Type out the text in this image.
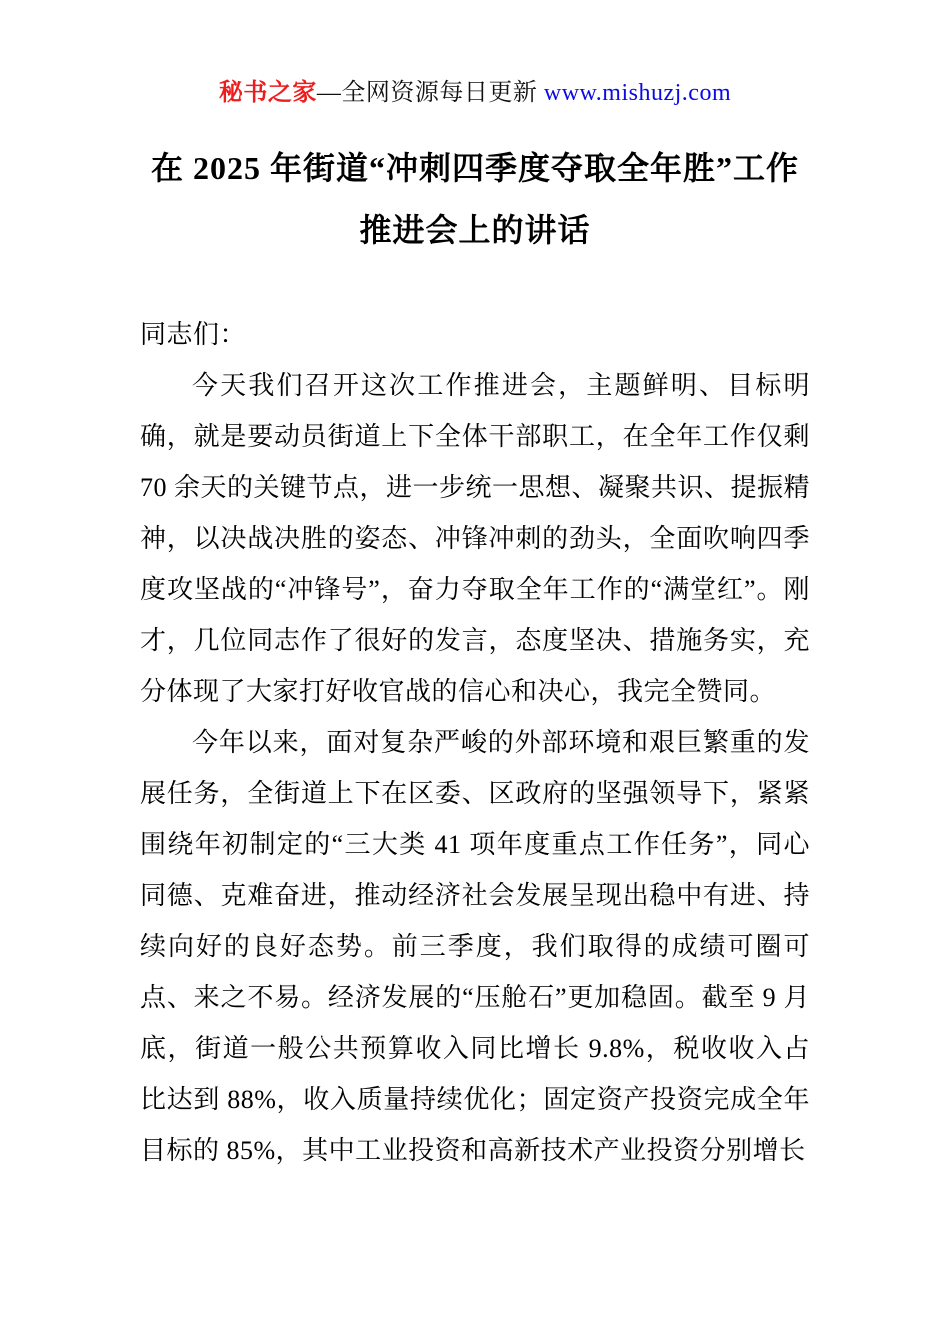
秘书之家—全网资源每日更新 www.mishuzj.com
在 2025 年街道“冲刺四季度夺取全年胜”工作推进会上的讲话

同志们：

今天我们召开这次工作推进会，主题鲜明、目标明确，就是要动员街道上下全体干部职工，在全年工作仅剩 70 余天的关键节点，进一步统一思想、凝聚共识、提振精神，以决战决胜的姿态、冲锋冲刺的劲头，全面吹响四季度攻坚战的“冲锋号”，奋力夺取全年工作的“满堂红”。刚才，几位同志作了很好的发言，态度坚决、措施务实，充分体现了大家打好收官战的信心和决心，我完全赞同。

今年以来，面对复杂严峻的外部环境和艰巨繁重的发展任务，全街道上下在区委、区政府的坚强领导下，紧紧围绕年初制定的“三大类 41 项年度重点工作任务”，同心同德、克难奋进，推动经济社会发展呈现出稳中有进、持续向好的良好态势。前三季度，我们取得的成绩可圈可点、来之不易。经济发展的“压舱石”更加稳固。截至 9 月底，街道一般公共预算收入同比增长 9.8%，税收收入占比达到 88%，收入质量持续优化；固定资产投资完成全年目标的 85%，其中工业投资和高新技术产业投资分别增长
